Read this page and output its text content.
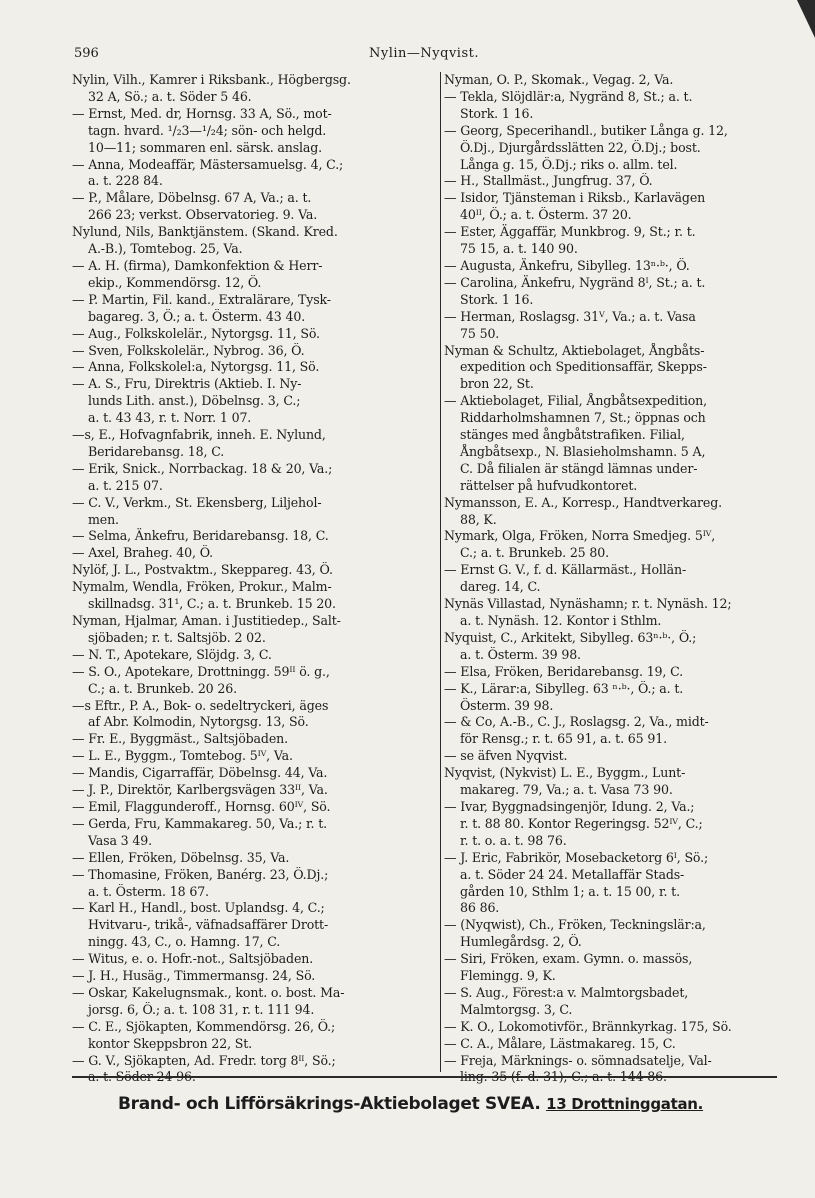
596	Nylin—Nyqvist.
Nylin, Vilh., Kamrer i Riksbank., Högbergsg.
32 A, Sö.; a. t. Söder 5 46.
— Ernst, Med. dr, Hornsg. 33 A, Sö., mot-
tagn. hvard. ¹/₂3—¹/₂4; sön- och helgd.
10—11; sommaren enl. särsk. anslag.
— Anna, Modeaffär, Mästersamuelsg. 4, C.;
a. t. 228 84.
— P., Målare, Döbelnsg. 67 A, Va.; a. t.
266 23; verkst. Observatorieg. 9. Va.
Nylund, Nils, Banktjänstem. (Skand. Kred.
A.-B.), Tomtebog. 25, Va.
— A. H. (firma), Damkonfektion & Herr-
ekip., Kommendörsg. 12, Ö.
— P. Martin, Fil. kand., Extralärare, Tysk-
bagareg. 3, Ö.; a. t. Österm. 43 40.
— Aug., Folkskolelär., Nytorgsg. 11, Sö.
— Sven, Folkskolelär., Nybrog. 36, Ö.
— Anna, Folkskolel:a, Nytorgsg. 11, Sö.
— A. S., Fru, Direktris (Aktieb. I. Ny-
lunds Lith. anst.), Döbelnsg. 3, C.;
a. t. 43 43, r. t. Norr. 1 07.
—s, E., Hofvagnfabrik, inneh. E. Nylund,
Beridarebansg. 18, C.
— Erik, Snick., Norrbackag. 18 & 20, Va.;
a. t. 215 07.
— C. V., Verkm., St. Ekensberg, Liljehol-
men.
— Selma, Änkefru, Beridarebansg. 18, C.
— Axel, Braheg. 40, Ö.
Nylöf, J. L., Postvaktm., Skeppareg. 43, Ö.
Nymalm, Wendla, Fröken, Prokur., Malm-
skillnadsg. 31¹, C.; a. t. Brunkeb. 15 20.
Nyman, Hjalmar, Aman. i Justitiedep., Salt-
sjöbaden; r. t. Saltsjöb. 2 02.
— N. T., Apotekare, Slöjdg. 3, C.
— S. O., Apotekare, Drottningg. 59ᴵᴵ ö. g.,
C.; a. t. Brunkeb. 20 26.
—s Eftr., P. A., Bok- o. sedeltryckeri, äges
af Abr. Kolmodin, Nytorgsg. 13, Sö.
— Fr. E., Byggmäst., Saltsjöbaden.
— L. E., Byggm., Tomtebog. 5ᴵⱽ, Va.
— Mandis, Cigarraffär, Döbelnsg. 44, Va.
— J. P., Direktör, Karlbergsvägen 33ᴵᴵ, Va.
— Emil, Flaggunderoff., Hornsg. 60ᴵⱽ, Sö.
— Gerda, Fru, Kammakareg. 50, Va.; r. t.
Vasa 3 49.
— Ellen, Fröken, Döbelnsg. 35, Va.
— Thomasine, Fröken, Banérg. 23, Ö.Dj.;
a. t. Österm. 18 67.
— Karl H., Handl., bost. Uplandsg. 4, C.;
Hvitvaru-, trikå-, väfnadsaffärer Drott-
ningg. 43, C., o. Hamng. 17, C.
— Witus, e. o. Hofr.-not., Saltsjöbaden.
— J. H., Husäg., Timmermansg. 24, Sö.
— Oskar, Kakelugnsmak., kont. o. bost. Ma-
jorsg. 6, Ö.; a. t. 108 31, r. t. 111 94.
— C. E., Sjökapten, Kommendörsg. 26, Ö.;
kontor Skeppsbron 22, St.
— G. V., Sjökapten, Ad. Fredr. torg 8ᴵᴵ, Sö.;
Nyman, O. P., Skomak., Vegag. 2, Va.
— Tekla, Slöjdlär:a, Nygränd 8, St.; a. t.
Stork. 1 16.
— Georg, Specerihandl., butiker Långa g. 12,
Ö.Dj., Djurgårdsslätten 22, Ö.Dj.; bost.
Långa g. 15, Ö.Dj.; riks o. allm. tel.
— H., Stallmäst., Jungfrug. 37, Ö.
— Isidor, Tjänsteman i Riksb., Karlavägen
40ᴵᴵ, Ö.; a. t. Österm. 37 20.
— Ester, Äggaffär, Munkbrog. 9, St.; r. t.
75 15, a. t. 140 90.
— Augusta, Änkefru, Sibylleg. 13ⁿ·ᵇ·, Ö.
— Carolina, Änkefru, Nygränd 8ᴵ, St.; a. t.
Stork. 1 16.
— Herman, Roslagsg. 31ⱽ, Va.; a. t. Vasa
75 50.
Nyman & Schultz, Aktiebolaget, Ångbåts-
expedition och Speditionsaffär, Skepps-
bron 22, St.
— Aktiebolaget, Filial, Ångbåtsexpedition,
Riddarholmshamnen 7, St.; öppnas och
stänges med ångbåtstrafiken. Filial,
Ångbåtsexp., N. Blasieholmshamn. 5 A,
C. Då filialen är stängd lämnas under-
rättelser på hufvudkontoret.
Nymansson, E. A., Korresp., Handtverkareg.
88, K.
Nymark, Olga, Fröken, Norra Smedjeg. 5ᴵⱽ,
C.; a. t. Brunkeb. 25 80.
— Ernst G. V., f. d. Källarmäst., Hollän-
dareg. 14, C.
Nynäs Villastad, Nynäshamn; r. t. Nynäsh. 12;
a. t. Nynäsh. 12. Kontor i Sthlm.
Nyquist, C., Arkitekt, Sibylleg. 63ⁿ·ᵇ·, Ö.;
a. t. Österm. 39 98.
— Elsa, Fröken, Beridarebansg. 19, C.
— K., Lärar:a, Sibylleg. 63 ⁿ·ᵇ·, Ö.; a. t.
Österm. 39 98.
— & Co, A.-B., C. J., Roslagsg. 2, Va., midt-
för Rensg.; r. t. 65 91, a. t. 65 91.
— se äfven Nyqvist.
Nyqvist, (Nykvist) L. E., Byggm., Lunt-
makareg. 79, Va.; a. t. Vasa 73 90.
— Ivar, Byggnadsingenjör, Idung. 2, Va.;
r. t. 88 80. Kontor Regeringsg. 52ᴵⱽ, C.;
r. t. o. a. t. 98 76.
— J. Eric, Fabrikör, Mosebacketorg 6ᴵ, Sö.;
a. t. Söder 24 24. Metallaffär Stads-
gården 10, Sthlm 1; a. t. 15 00, r. t.
86 86.
— (Nyqwist), Ch., Fröken, Teckningslär:a,
Humlegårdsg. 2, Ö.
— Siri, Fröken, exam. Gymn. o. massös,
Flemingg. 9, K.
— S. Aug., Förest:a v. Malmtorgsbadet,
Malmtorgsg. 3, C.
— K. O., Lokomotivför., Brännkyrkag. 175, Sö.
— C. A., Målare, Lästmakareg. 15, C.
— Freja, Märknings- o. sömnadsatelje, Val-
Brand- och Lifförsäkrings-Aktiebolaget SVEA. 13 Drottninggatan.
